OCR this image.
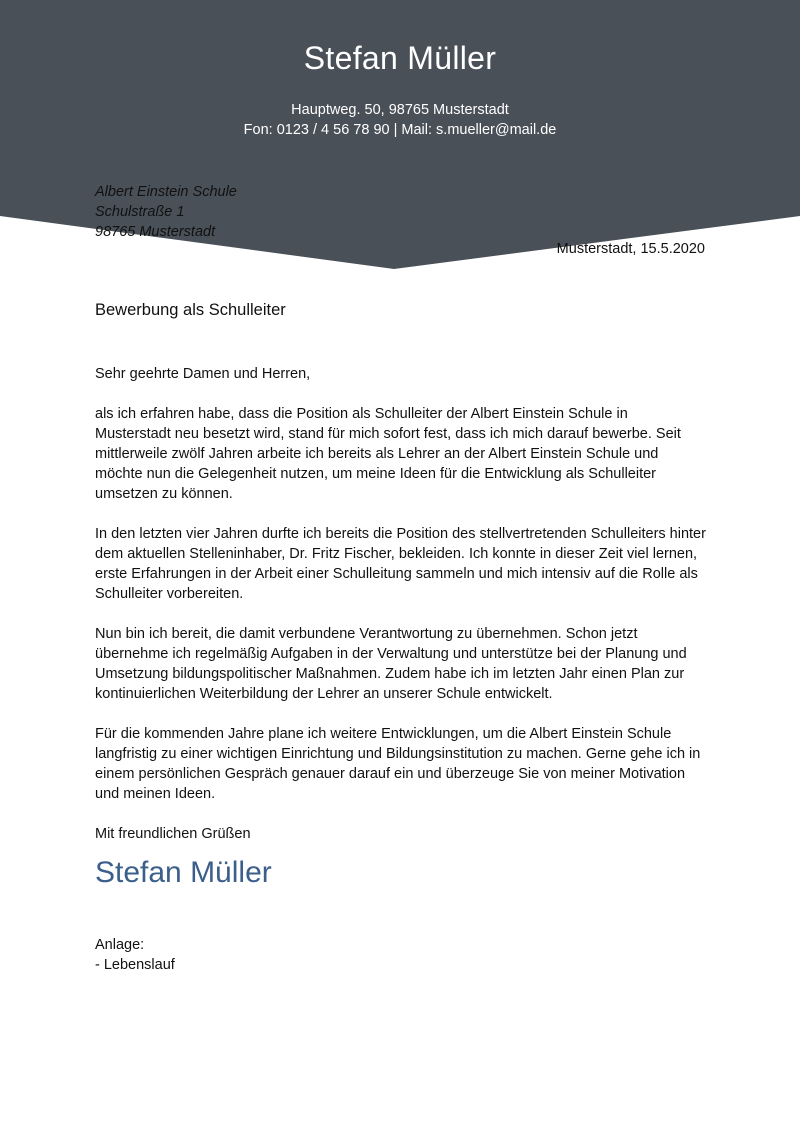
Stefan Müller
Hauptweg. 50, 98765 Musterstadt
Fon: 0123 / 4 56 78 90 | Mail: s.mueller@mail.de
Albert Einstein Schule
Schulstraße 1
98765 Musterstadt
Musterstadt, 15.5.2020
Bewerbung als Schulleiter

Sehr geehrte Damen und Herren,

als ich erfahren habe, dass die Position als Schulleiter der Albert Einstein Schule in Musterstadt neu besetzt wird, stand für mich sofort fest, dass ich mich darauf bewerbe. Seit mittlerweile zwölf Jahren arbeite ich bereits als Lehrer an der Albert Einstein Schule und möchte nun die Gelegenheit nutzen, um meine Ideen für die Entwicklung als Schulleiter umsetzen zu können.

In den letzten vier Jahren durfte ich bereits die Position des stellvertretenden Schulleiters hinter dem aktuellen Stelleninhaber, Dr. Fritz Fischer, bekleiden. Ich konnte in dieser Zeit viel lernen, erste Erfahrungen in der Arbeit einer Schulleitung sammeln und mich intensiv auf die Rolle als Schulleiter vorbereiten.

Nun bin ich bereit, die damit verbundene Verantwortung zu übernehmen. Schon jetzt übernehme ich regelmäßig Aufgaben in der Verwaltung und unterstütze bei der Planung und Umsetzung bildungspolitischer Maßnahmen. Zudem habe ich im letzten Jahr einen Plan zur kontinuierlichen Weiterbildung der Lehrer an unserer Schule entwickelt.

Für die kommenden Jahre plane ich weitere Entwicklungen, um die Albert Einstein Schule langfristig zu einer wichtigen Einrichtung und Bildungsinstitution zu machen. Gerne gehe ich in einem persönlichen Gespräch genauer darauf ein und überzeuge Sie von meiner Motivation und meinen Ideen.

Mit freundlichen Grüßen

Stefan Müller
Anlage:
- Lebenslauf
